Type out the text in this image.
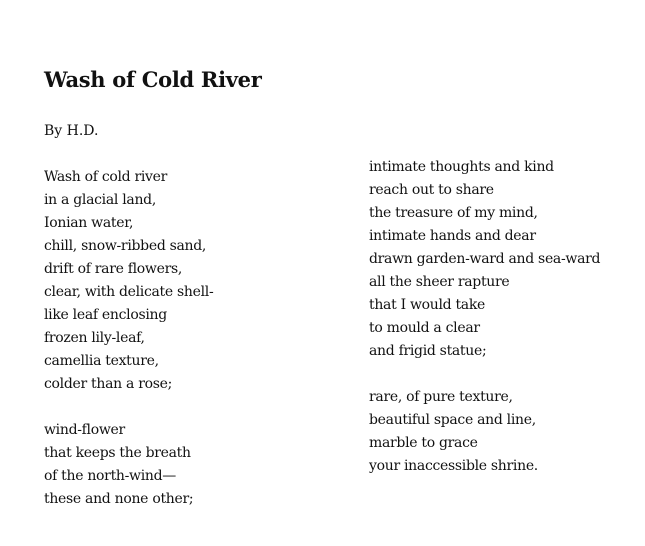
Wash of Cold River

By H.D.

Wash of cold river
in a glacial land,
Ionian water,
chill, snow-ribbed sand,
drift of rare flowers,
clear, with delicate shell-
like leaf enclosing
frozen lily-leaf,
camellia texture,
colder than a rose;
wind-flower
that keeps the breath
of the north-wind—
these and none other;
intimate thoughts and kind
reach out to share
the treasure of my mind,
intimate hands and dear
drawn garden-ward and sea-ward
all the sheer rapture
that I would take
to mould a clear
and frigid statue;
rare, of pure texture,
beautiful space and line,
marble to grace
your inaccessible shrine.
